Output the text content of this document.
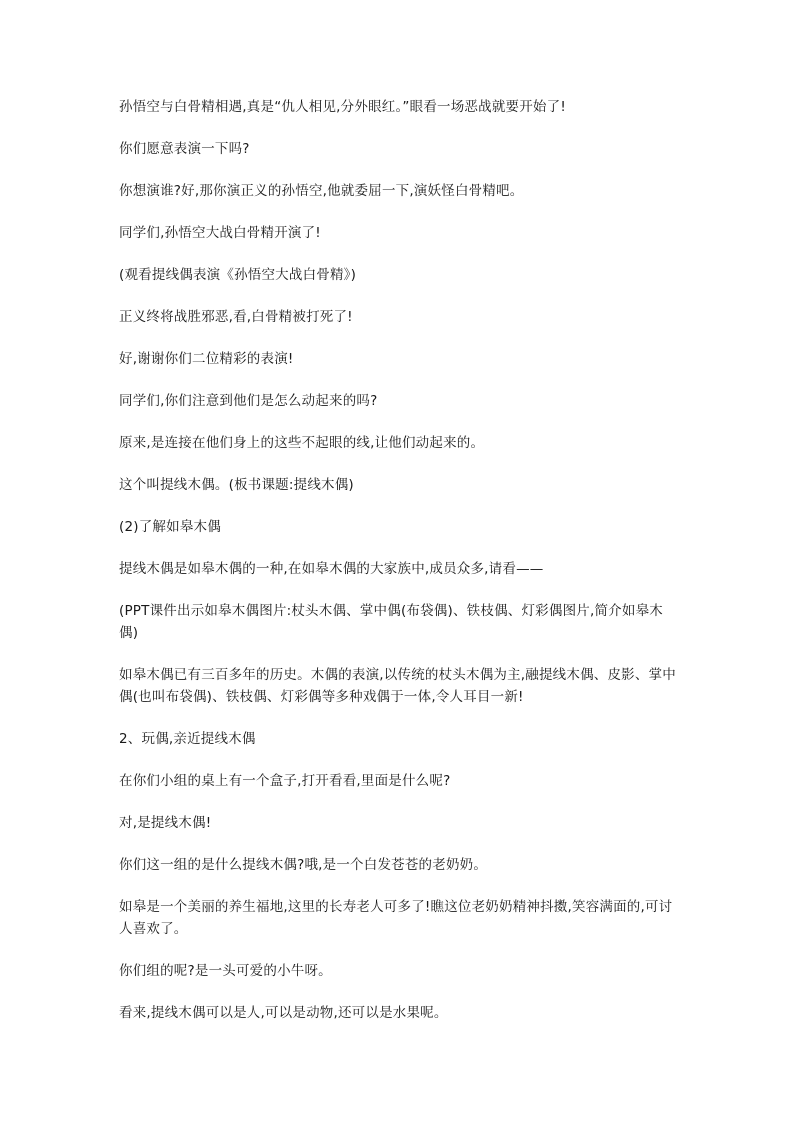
孙悟空与白骨精相遇,真是“仇人相见,分外眼红。”眼看一场恶战就要开始了!

你们愿意表演一下吗?

你想演谁?好,那你演正义的孙悟空,他就委屈一下,演妖怪白骨精吧。

同学们,孙悟空大战白骨精开演了!

(观看提线偶表演《孙悟空大战白骨精》)

正义终将战胜邪恶,看,白骨精被打死了!

好,谢谢你们二位精彩的表演!

同学们,你们注意到他们是怎么动起来的吗?

原来,是连接在他们身上的这些不起眼的线,让他们动起来的。

这个叫提线木偶。(板书课题:提线木偶)

(2)了解如皋木偶

提线木偶是如皋木偶的一种,在如皋木偶的大家族中,成员众多,请看——

(PPT课件出示如皋木偶图片:杖头木偶、掌中偶(布袋偶)、铁枝偶、灯彩偶图片,简介如皋木偶)

如皋木偶已有三百多年的历史。木偶的表演,以传统的杖头木偶为主,融提线木偶、皮影、掌中偶(也叫布袋偶)、铁枝偶、灯彩偶等多种戏偶于一体,令人耳目一新!

2、玩偶,亲近提线木偶

在你们小组的桌上有一个盒子,打开看看,里面是什么呢?

对,是提线木偶!

你们这一组的是什么提线木偶?哦,是一个白发苍苍的老奶奶。

如皋是一个美丽的养生福地,这里的长寿老人可多了!瞧这位老奶奶精神抖擞,笑容满面的,可讨人喜欢了。

你们组的呢?是一头可爱的小牛呀。

看来,提线木偶可以是人,可以是动物,还可以是水果呢。
